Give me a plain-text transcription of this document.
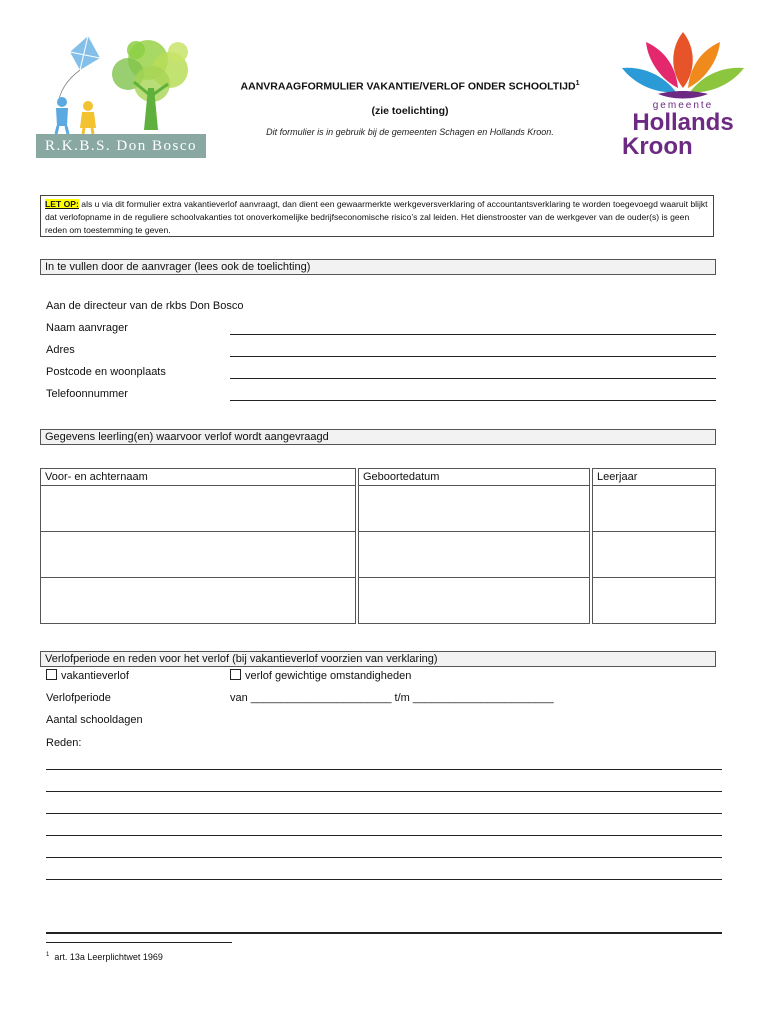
R.K.B.S. Don Bosco
AANVRAAGFORMULIER VAKANTIE/VERLOF ONDER SCHOOLTIJD$^1$
(zie toelichting)
Dit formulier is in gebruik bij de gemeenten Schagen en Hollands Kroon.
gemeente
Hollands
Kroon
LET OP: als u via dit formulier extra vakantieverlof aanvraagt, dan dient een gewaarmerkte werkgeversverklaring of accountantsverklaring te worden toegevoegd waaruit blijkt dat verlofopname in de reguliere schoolvakanties tot onoverkomelijke bedrijfseconomische risico’s zal leiden. Het dienstrooster van de werkgever van de ouder(s) is geen reden om toestemming te geven.
In te vullen door de aanvrager (lees ook de toelichting)
Aan de directeur van de rkbs Don Bosco
Naam aanvrager
Adres
Postcode en woonplaats
Telefoonnummer
Gegevens leerling(en) waarvoor verlof wordt aangevraagd
Voor- en achternaam		Geboortedatum		Leerjaar

Verlofperiode en reden voor het verlof (bij vakantieverlof voorzien van verklaring)
vakantieverlof	verlof gewichtige omstandigheden
Verlofperiode	van _______________________ t/m _______________________
Aantal schooldagen
Reden:
$^1$ art. 13a Leerplichtwet 1969
